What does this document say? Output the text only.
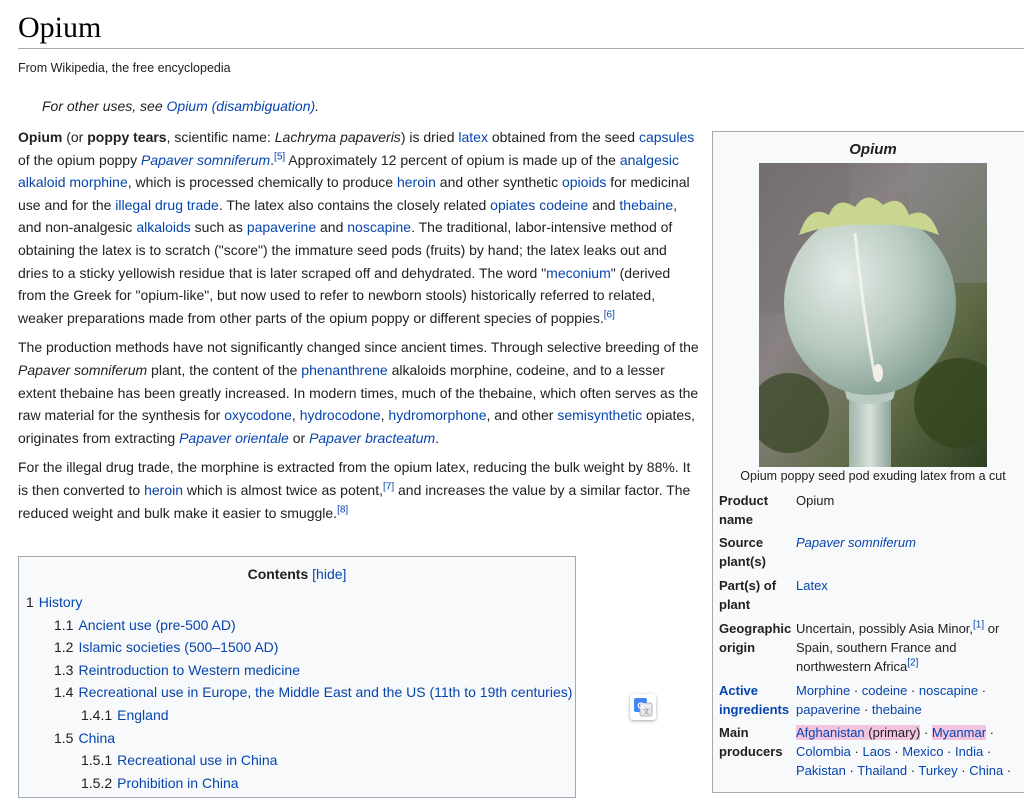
Opium
From Wikipedia, the free encyclopedia
For other uses, see Opium (disambiguation).

Opium (or poppy tears, scientific name: Lachryma papaveris) is dried latex obtained from the seed capsules of the opium poppy Papaver somniferum.[5] Approximately 12 percent of opium is made up of the analgesic alkaloid morphine, which is processed chemically to produce heroin and other synthetic opioids for medicinal use and for the illegal drug trade. The latex also contains the closely related opiates codeine and thebaine, and non-analgesic alkaloids such as papaverine and noscapine. The traditional, labor-intensive method of obtaining the latex is to scratch ("score") the immature seed pods (fruits) by hand; the latex leaks out and dries to a sticky yellowish residue that is later scraped off and dehydrated. The word "meconium" (derived from the Greek for "opium-like", but now used to refer to newborn stools) historically referred to related, weaker preparations made from other parts of the opium poppy or different species of poppies.[6]

The production methods have not significantly changed since ancient times. Through selective breeding of the Papaver somniferum plant, the content of the phenanthrene alkaloids morphine, codeine, and to a lesser extent thebaine has been greatly increased. In modern times, much of the thebaine, which often serves as the raw material for the synthesis for oxycodone, hydrocodone, hydromorphone, and other semisynthetic opiates, originates from extracting Papaver orientale or Papaver bracteatum.

For the illegal drug trade, the morphine is extracted from the opium latex, reducing the bulk weight by 88%. It is then converted to heroin which is almost twice as potent,[7] and increases the value by a similar factor. The reduced weight and bulk make it easier to smuggle.[8]

Contents [hide]
1 History
1.1 Ancient use (pre-500 AD)
1.2 Islamic societies (500–1500 AD)
1.3 Reintroduction to Western medicine
1.4 Recreational use in Europe, the Middle East and the US (11th to 19th centuries)
1.4.1 England
1.5 China
1.5.1 Recreational use in China
1.5.2 Prohibition in China
Opium
Opium poppy seed pod exuding latex from a cut
Product name
Opium
Source plant(s)
Papaver somniferum
Part(s) of plant
Latex
Geographic origin
Uncertain, possibly Asia Minor,[1] or Spain, southern France and northwestern Africa[2]
Active ingredients
Morphine · codeine · noscapine · papaverine · thebaine
Main producers
Afghanistan (primary) · Myanmar · Colombia · Laos · Mexico · India · Pakistan · Thailand · Turkey · China ·
G
文
